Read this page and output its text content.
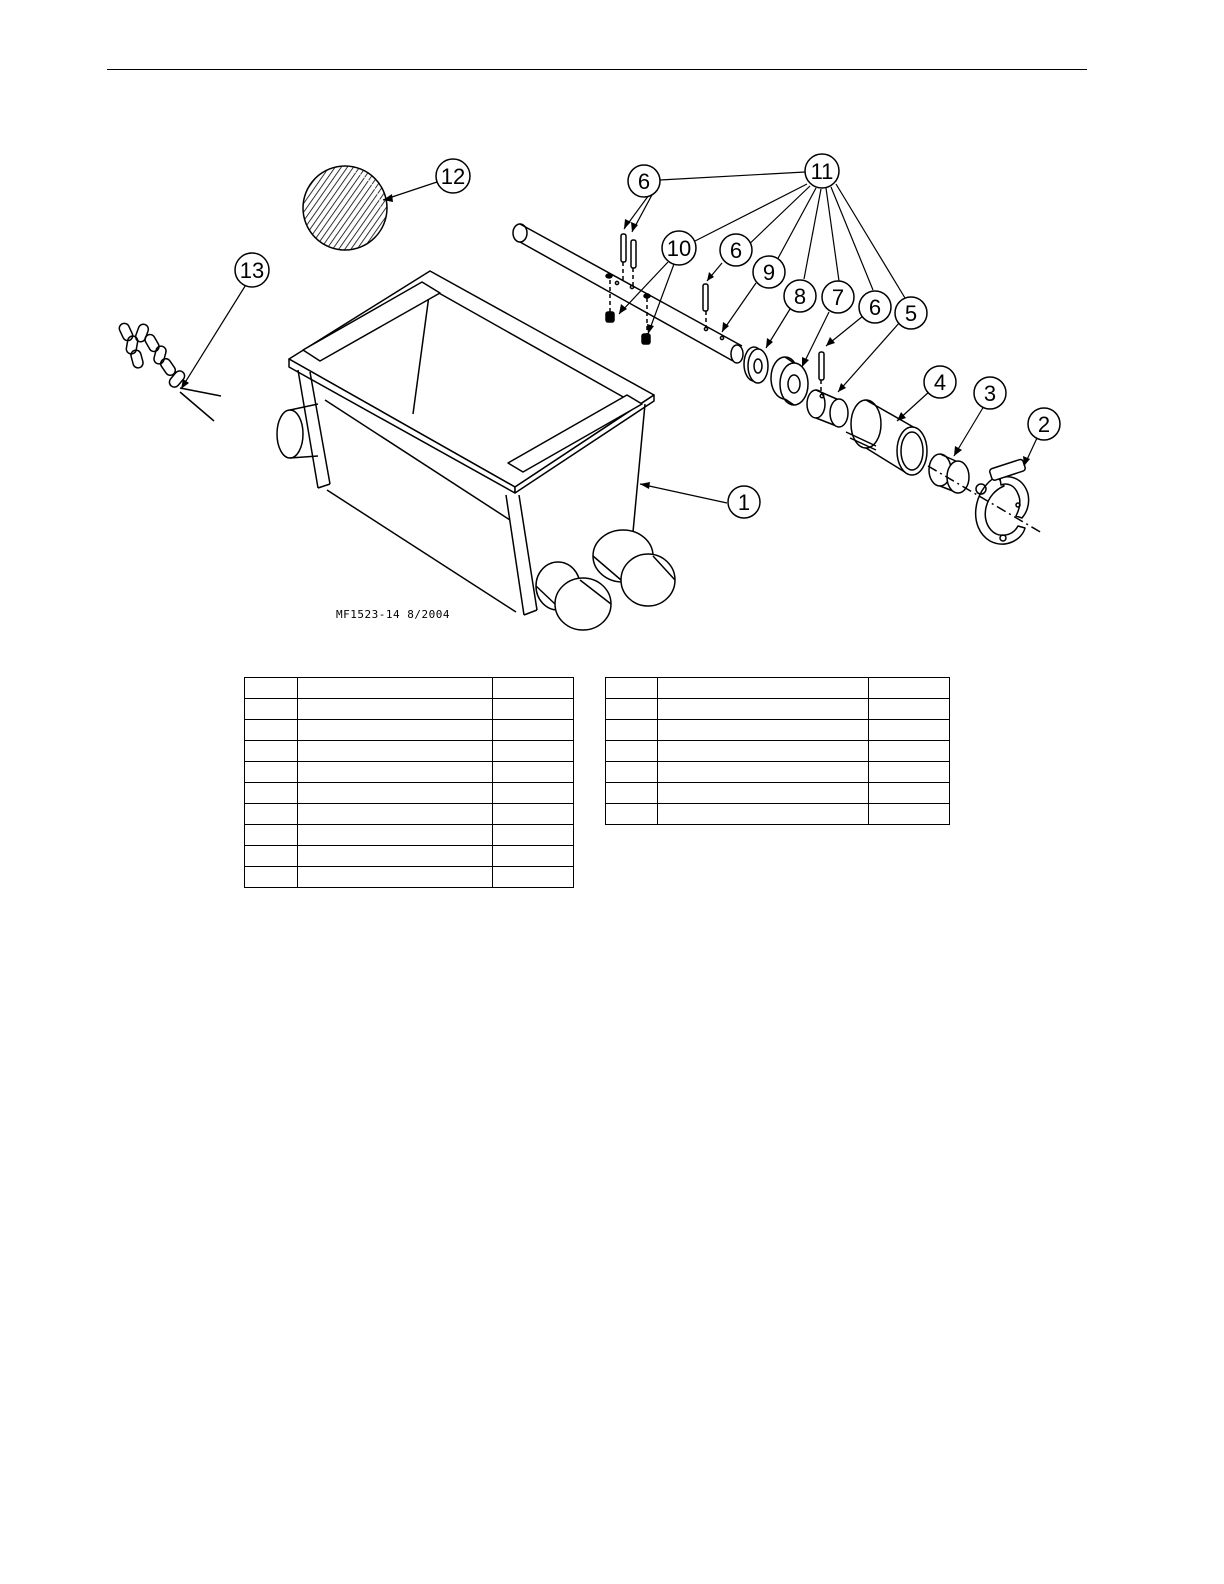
1
2
3
4
5
6
6
6
7
8
9
10
11
12
13
MF1523-14 8/2004
